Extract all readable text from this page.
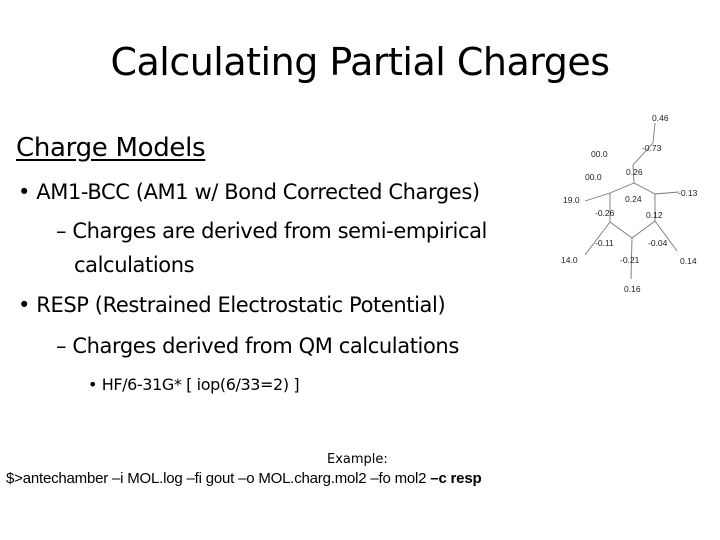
Calculating Partial Charges
Charge Models
• AM1-BCC (AM1 w/ Bond Corrected Charges)
– Charges are derived from semi-empirical
calculations
• RESP (Restrained Electrostatic Potential)
– Charges derived from QM calculations
• HF/6-31G* [ iop(6/33=2) ]
Example:
$>antechamber –i MOL.log –fi gout –o MOL.charg.mol2 –fo mol2 –c resp
0.46
-0.73
00.0
00.0	0.26
19.0
-0.26
0.24
-0.13
0.12
-0.11	-0.04
14.0	-0.21	0.14
0.16
